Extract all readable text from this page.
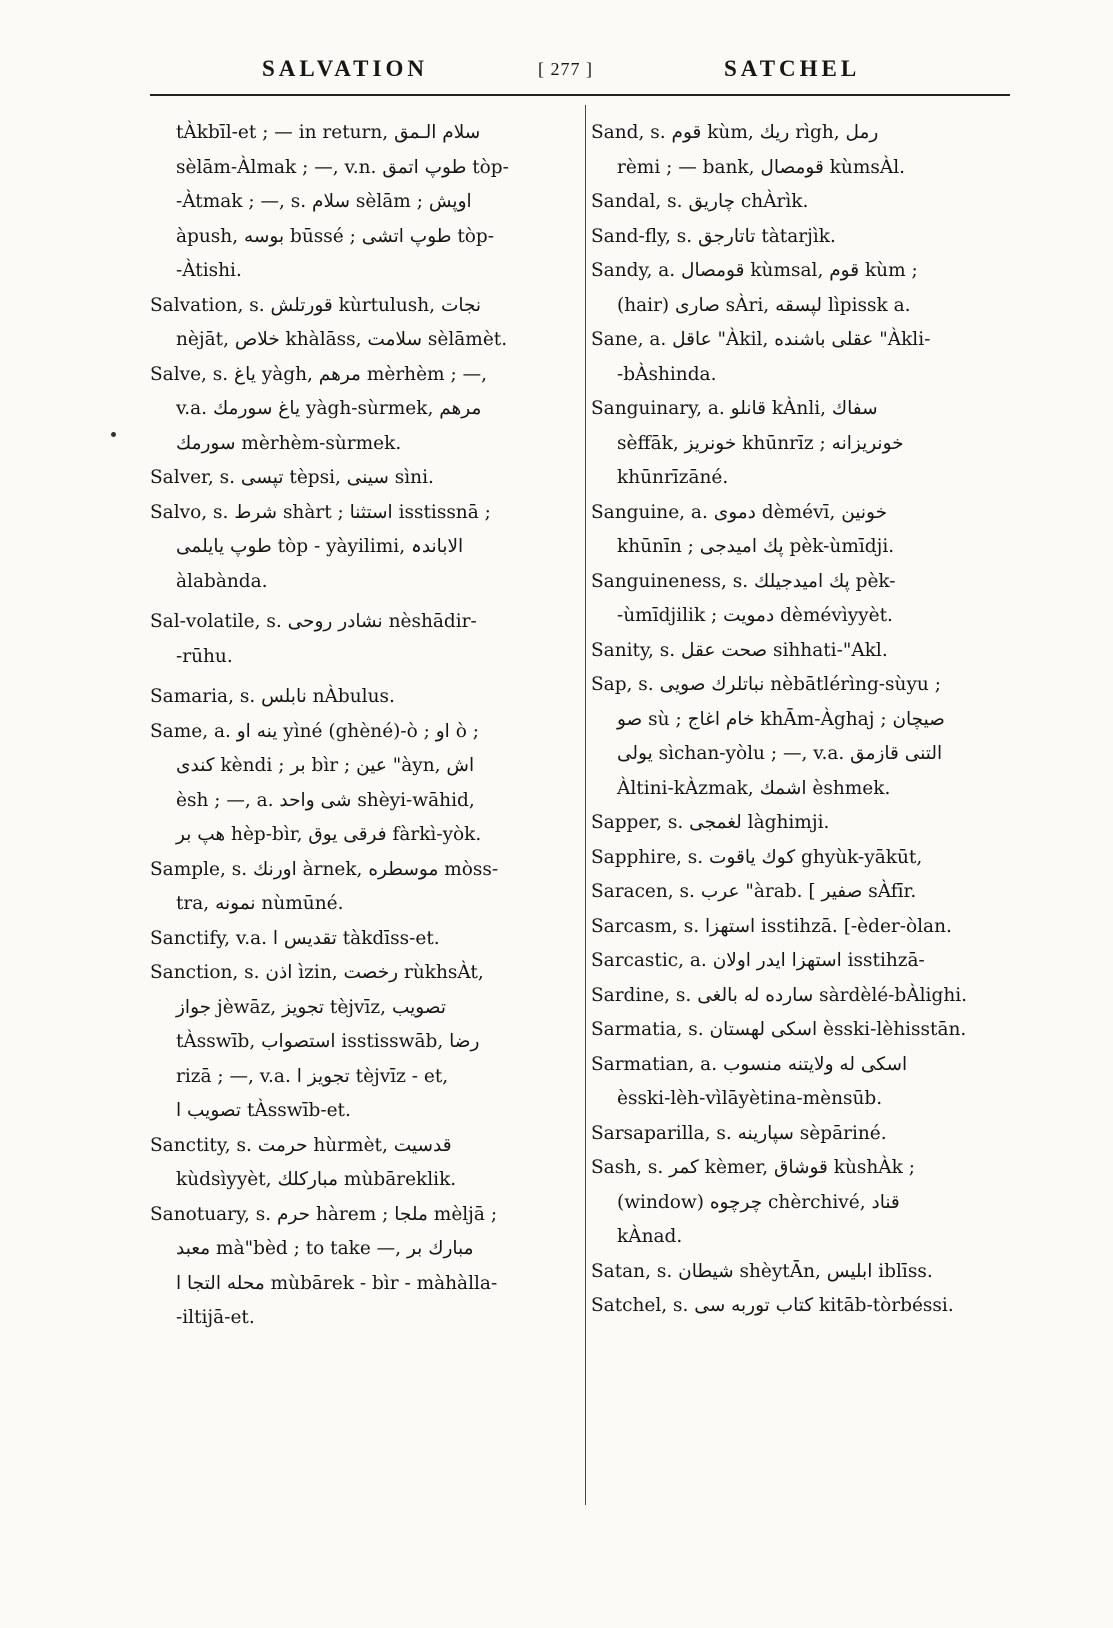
SALVATION	[ 277 ]	SATCHEL
tÀkbīl-et ; — in return, سلام الـمق
sèlām-Àlmak ; —, v.n. طوپ اتمق tòp-
-Àtmak ; —, s. سلام sèlām ; اوپش
àpush, بوسه būssé ; طوپ اتشی tòp-
-Àtishi.
Salvation, s. قورتلش kùrtulush, نجات
nèjāt, خلاص khàlāss, سلامت sèlāmèt.
Salve, s. یاغ yàgh, مرهم mèrhèm ; —,
v.a. یاغ سورمك yàgh-sùrmek, مرهم
سورمك mèrhèm-sùrmek.
Salver, s. تپسی tèpsi, سینی sìni.
Salvo, s. شرط shàrt ; استثنا isstissnā ;
طوپ یایلمی tòp - yàyilimi, الاباندہ
àlabànda.
Sal-volatile, s. نشادر روحی nèshādir-
-rūhu.
Samaria, s. نابلس nÀbulus.
Same, a. ینه او yìné (ghèné)-ò ; او ò ;
كندی kèndi ; بر bìr ; عین "àyn, اش
èsh ; —, a. شی واحد shèyi-wāhid,
هپ بر hèp-bìr, فرقی یوق fàrkì-yòk.
Sample, s. اورنك àrnek, موسطره mòss-
tra, نمونه nùmūné.
Sanctify, v.a. تقدیس ا tàkdīss-et.
Sanction, s. اذن ìzin, رخصت rùkhsÀt,
جواز jèwāz, تجویز tèjvīz, تصویب
tÀsswīb, استصواب isstisswāb, رضا
rizā ; —, v.a. تجویز ا tèjvīz - et,
تصویب ا tÀsswīb-et.
Sanctity, s. حرمت hùrmèt, قدسیت
kùdsìyyèt, مبارکلك mùbāreklik.
Sanotuary, s. حرم hàrem ; ملجا mèljā ;
معبد mà"bèd ; to take —, مبارك بر
محله التجا ا mùbārek - bìr - màhàlla-
-iltijā-et.
Sand, s. قوم kùm, ریك rìgh, رمل
rèmi ; — bank, قومصال kùmsÀl.
Sandal, s. چاریق chÀrìk.
Sand-fly, s. تاتارجق tàtarjìk.
Sandy, a. قومصال kùmsal, قوم kùm ;
(hair) صاری sÀri, لپسقه lìpissk a.
Sane, a. عاقل "Àkil, عقلی باشنده "Àkli-
-bÀshinda.
Sanguinary, a. قانلو kÀnli, سفاك
sèffāk, خونریز khūnrīz ; خونریزانه
khūnrīzāné.
Sanguine, a. دموی dèmévī, خونین
khūnīn ; پك امیدجی pèk-ùmīdji.
Sanguineness, s. پك امیدجیلك pèk-
-ùmīdjilik ; دمویت dèmévìyyèt.
Sanity, s. صحت عقل sihhati-"Akl.
Sap, s. نباتلرك صویی nèbātlérìng-sùyu ;
صو sù ; خام اغاج khĀm-Àghaj ; صیچان
یولی sìchan-yòlu ; —, v.a. التنی قازمق
Àltini-kÀzmak, اشمك èshmek.
Sapper, s. لغمجی làghimji.
Sapphire, s. كوك یاقوت ghyùk-yākūt,
Saracen, s. عرب "àrab. [ صفیر sÀfīr.
Sarcasm, s. استهزا isstihzā. [-èder-òlan.
Sarcastic, a. استهزا ایدر اولان isstihzā-
Sardine, s. سارده له بالغی sàrdèlé-bÀlighi.
Sarmatia, s. اسکی لهستان èsski-lèhisstān.
Sarmatian, a. اسکی له ولایتنه منسوب
èsski-lèh-vìlāyètina-mènsūb.
Sarsaparilla, s. سپارینه sèpāriné.
Sash, s. کمر kèmer, قوشاق kùshÀk ;
(window) چرچوه chèrchivé, قناد
kÀnad.
Satan, s. شیطان shèytĀn, ابلیس iblīss.
Satchel, s. کتاب توربه سی kitāb-tòrbéssi.
